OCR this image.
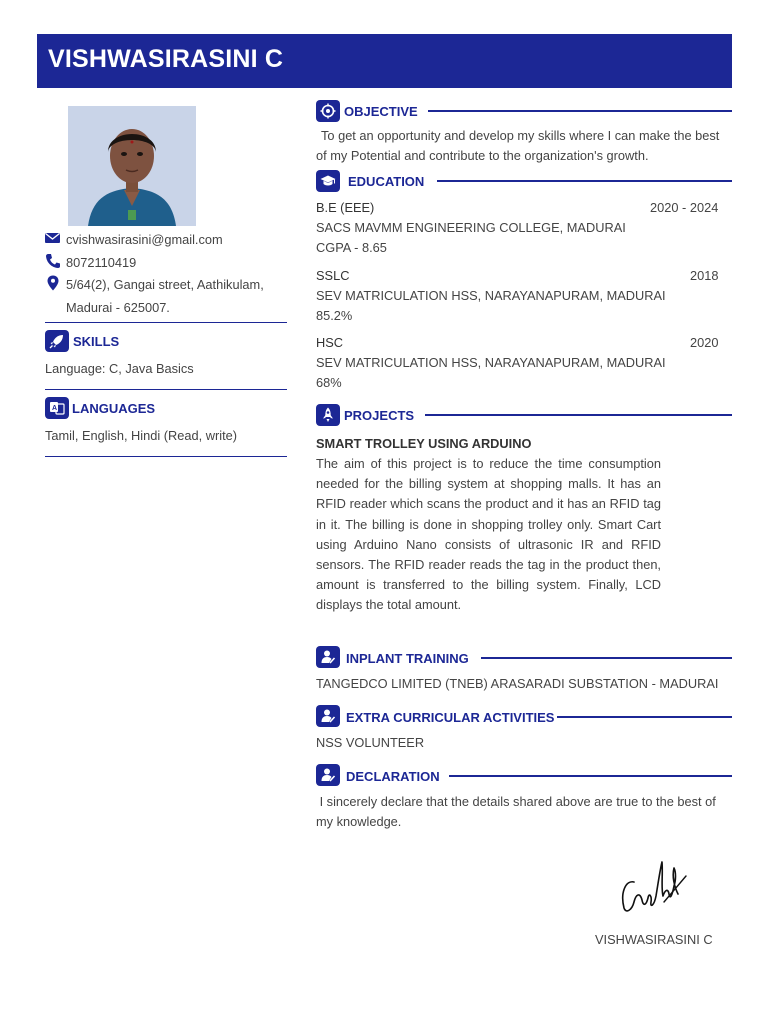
VISHWASIRASINI C
cvishwasirasini@gmail.com
8072110419
5/64(2), Gangai street, Aathikulam,
Madurai - 625007.
SKILLS
Language: C, Java Basics
A LANGUAGES
Tamil, English, Hindi (Read, write)
OBJECTIVE
To get an opportunity and develop my skills where I can make the best of my Potential and contribute to the organization's growth.
EDUCATION
B.E (EEE)	2020 - 2024
SACS MAVMM ENGINEERING COLLEGE, MADURAI
CGPA - 8.65
SSLC	2018
SEV MATRICULATION HSS, NARAYANAPURAM, MADURAI
85.2%
HSC	2020
SEV MATRICULATION HSS, NARAYANAPURAM, MADURAI
68%
PROJECTS
SMART TROLLEY USING ARDUINO
The aim of this project is to reduce the time consumption needed for the billing system at shopping malls. It has an RFID reader which scans the product and it has an RFID tag in it. The billing is done in shopping trolley only. Smart Cart using Arduino Nano consists of ultrasonic IR and RFID sensors. The RFID reader reads the tag in the product then, amount is transferred to the billing system. Finally, LCD displays the total amount.
INPLANT TRAINING
TANGEDCO LIMITED (TNEB) ARASARADI SUBSTATION - MADURAI
EXTRA CURRICULAR ACTIVITIES
NSS VOLUNTEER
DECLARATION
I sincerely declare that the details shared above are true to the best of my knowledge.
VISHWASIRASINI C
